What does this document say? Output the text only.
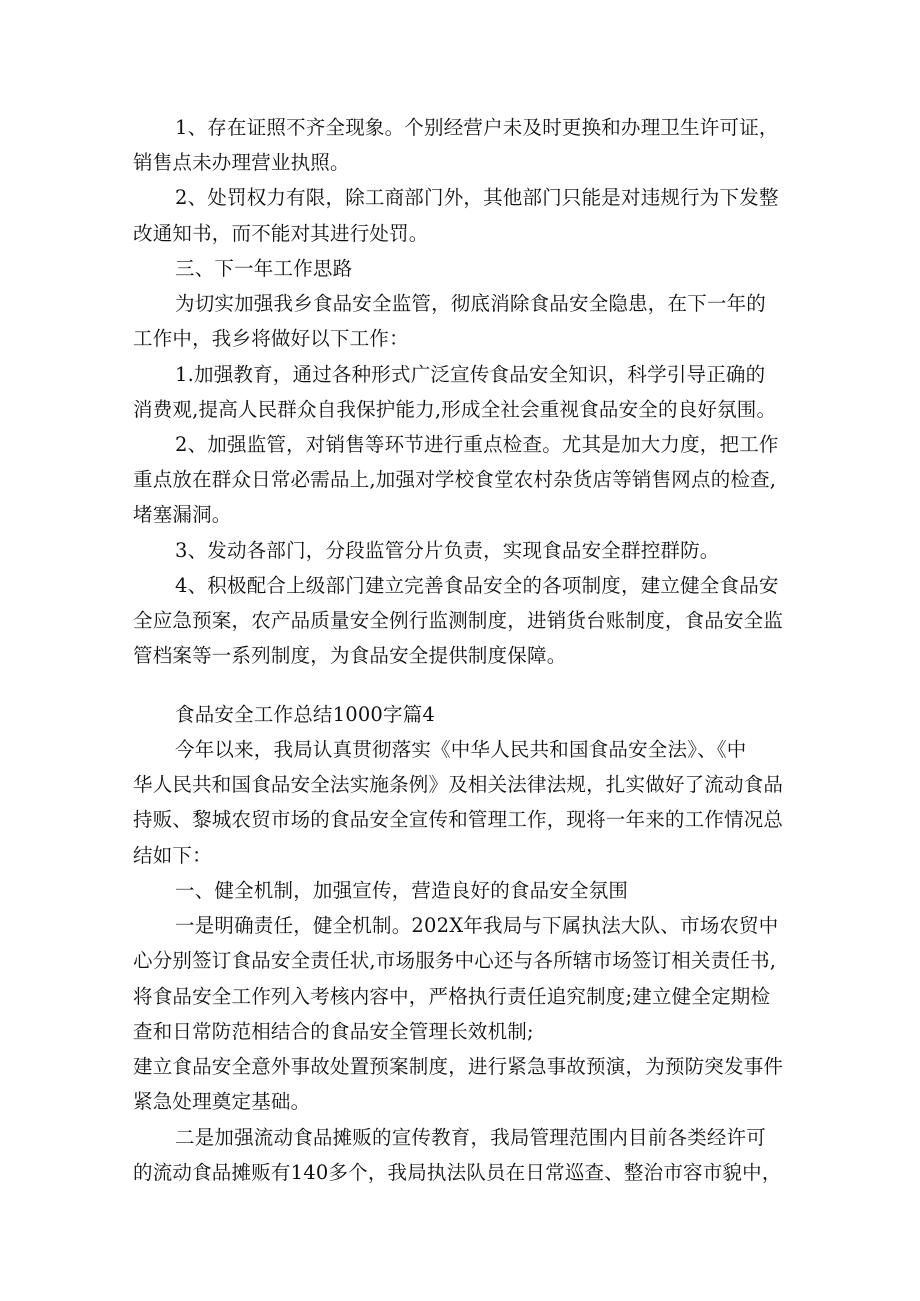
1、存在证照不齐全现象。个别经营户未及时更换和办理卫生许可证，
销售点未办理营业执照。
2、处罚权力有限，除工商部门外，其他部门只能是对违规行为下发整
改通知书，而不能对其进行处罚。
三、下一年工作思路
为切实加强我乡食品安全监管，彻底消除食品安全隐患，在下一年的
工作中，我乡将做好以下工作：
1.加强教育，通过各种形式广泛宣传食品安全知识，科学引导正确的
消费观,提高人民群众自我保护能力,形成全社会重视食品安全的良好氛围。
2、加强监管，对销售等环节进行重点检查。尤其是加大力度，把工作
重点放在群众日常必需品上,加强对学校食堂农村杂货店等销售网点的检查,
堵塞漏洞。
3、发动各部门，分段监管分片负责，实现食品安全群控群防。
4、积极配合上级部门建立完善食品安全的各项制度，建立健全食品安
全应急预案，农产品质量安全例行监测制度，进销货台账制度，食品安全监
管档案等一系列制度，为食品安全提供制度保障。
食品安全工作总结1000字篇4
今年以来，我局认真贯彻落实《中华人民共和国食品安全法》、《中
华人民共和国食品安全法实施条例》及相关法律法规，扎实做好了流动食品
持贩、黎城农贸市场的食品安全宣传和管理工作，现将一年来的工作情况总
结如下：
一、健全机制，加强宣传，营造良好的食品安全氛围
一是明确责任，健全机制。202X年我局与下属执法大队、市场农贸中
心分别签订食品安全责任状,市场服务中心还与各所辖市场签订相关责任书,
将食品安全工作列入考核内容中，严格执行责任追究制度;建立健全定期检
查和日常防范相结合的食品安全管理长效机制;
建立食品安全意外事故处置预案制度，进行紧急事故预演，为预防突发事件
紧急处理奠定基础。
二是加强流动食品摊贩的宣传教育，我局管理范围内目前各类经许可
的流动食品摊贩有140多个，我局执法队员在日常巡查、整治市容市貌中，
